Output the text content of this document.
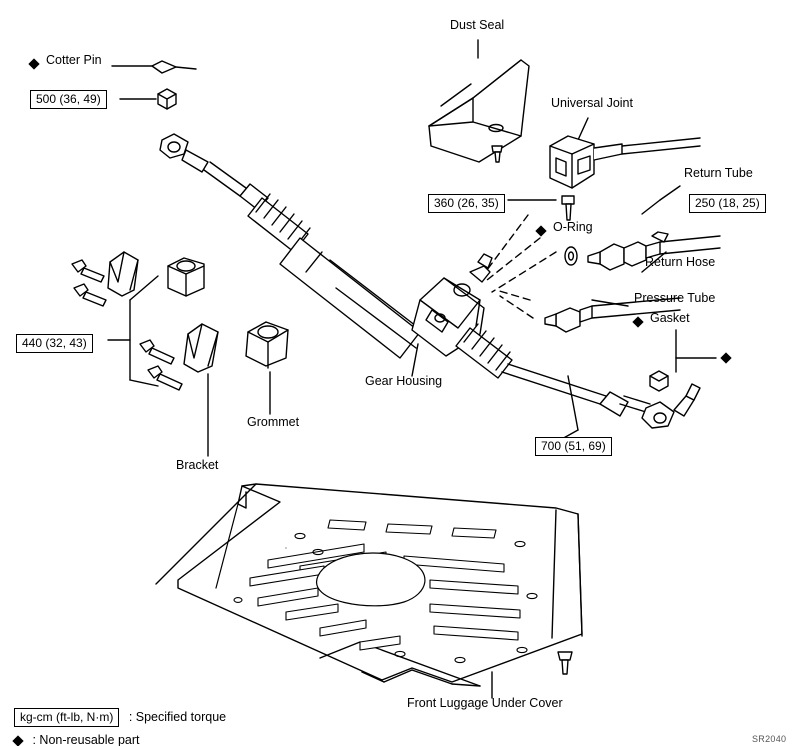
Cotter Pin
Dust Seal
Universal Joint
Return Tube
O-Ring
Return Hose
Pressure Tube
Gasket
Gear Housing
Grommet
Bracket
Front Luggage Under Cover
500 (36, 49)
360 (26, 35)	250 (18, 25)
440 (32, 43)
700 (51, 69)
kg-cm (ft-lb, N·m) : Specified torque
: Non-reusable part	SR2040
